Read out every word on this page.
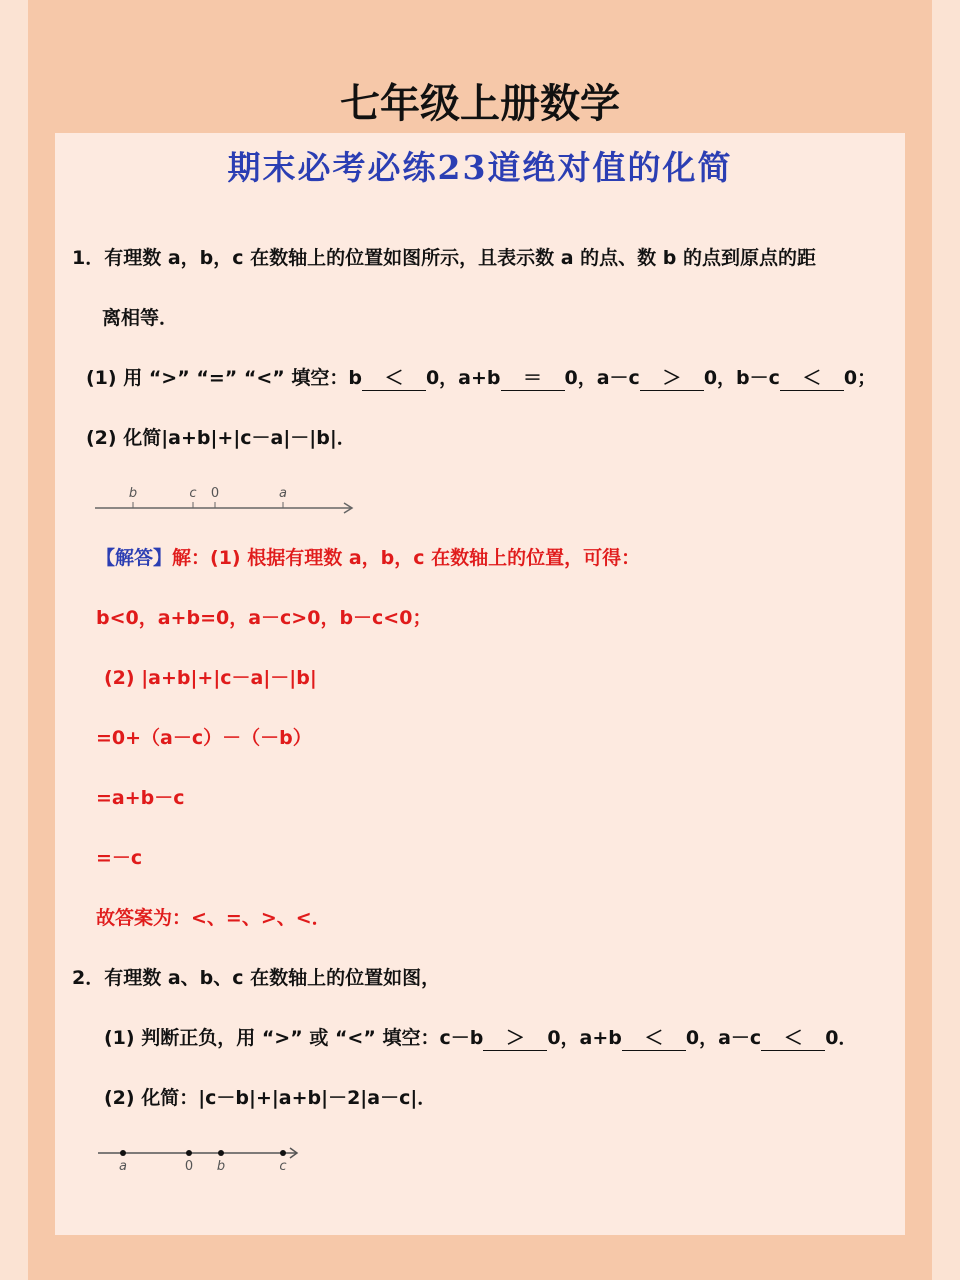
七年级上册数学
期末必考必练23道绝对值的化简
1．有理数 a，b，c 在数轴上的位置如图所示，且表示数 a 的点、数 b 的点到原点的距
离相等．
(1) 用 “>” “=” “<” 填空：b ＜ 0，a+b ＝ 0，a－c ＞ 0，b－c ＜ 0；
(2) 化简|a+b|+|c－a|－|b|．
b	c 0	a
【解答】解：(1) 根据有理数 a，b，c 在数轴上的位置，可得：
b<0，a+b=0，a－c>0，b－c<0；
(2) |a+b|+|c－a|－|b|
=0+（a－c）－（－b）
=a+b－c
=－c
故答案为：<、=、>、<．
2．有理数 a、b、c 在数轴上的位置如图，
(1) 判断正负，用 “>” 或 “<” 填空：c－b ＞ 0，a+b ＜ 0，a－c ＜ 0．
(2) 化简：|c－b|+|a+b|－2|a－c|．
a	0 b	c
